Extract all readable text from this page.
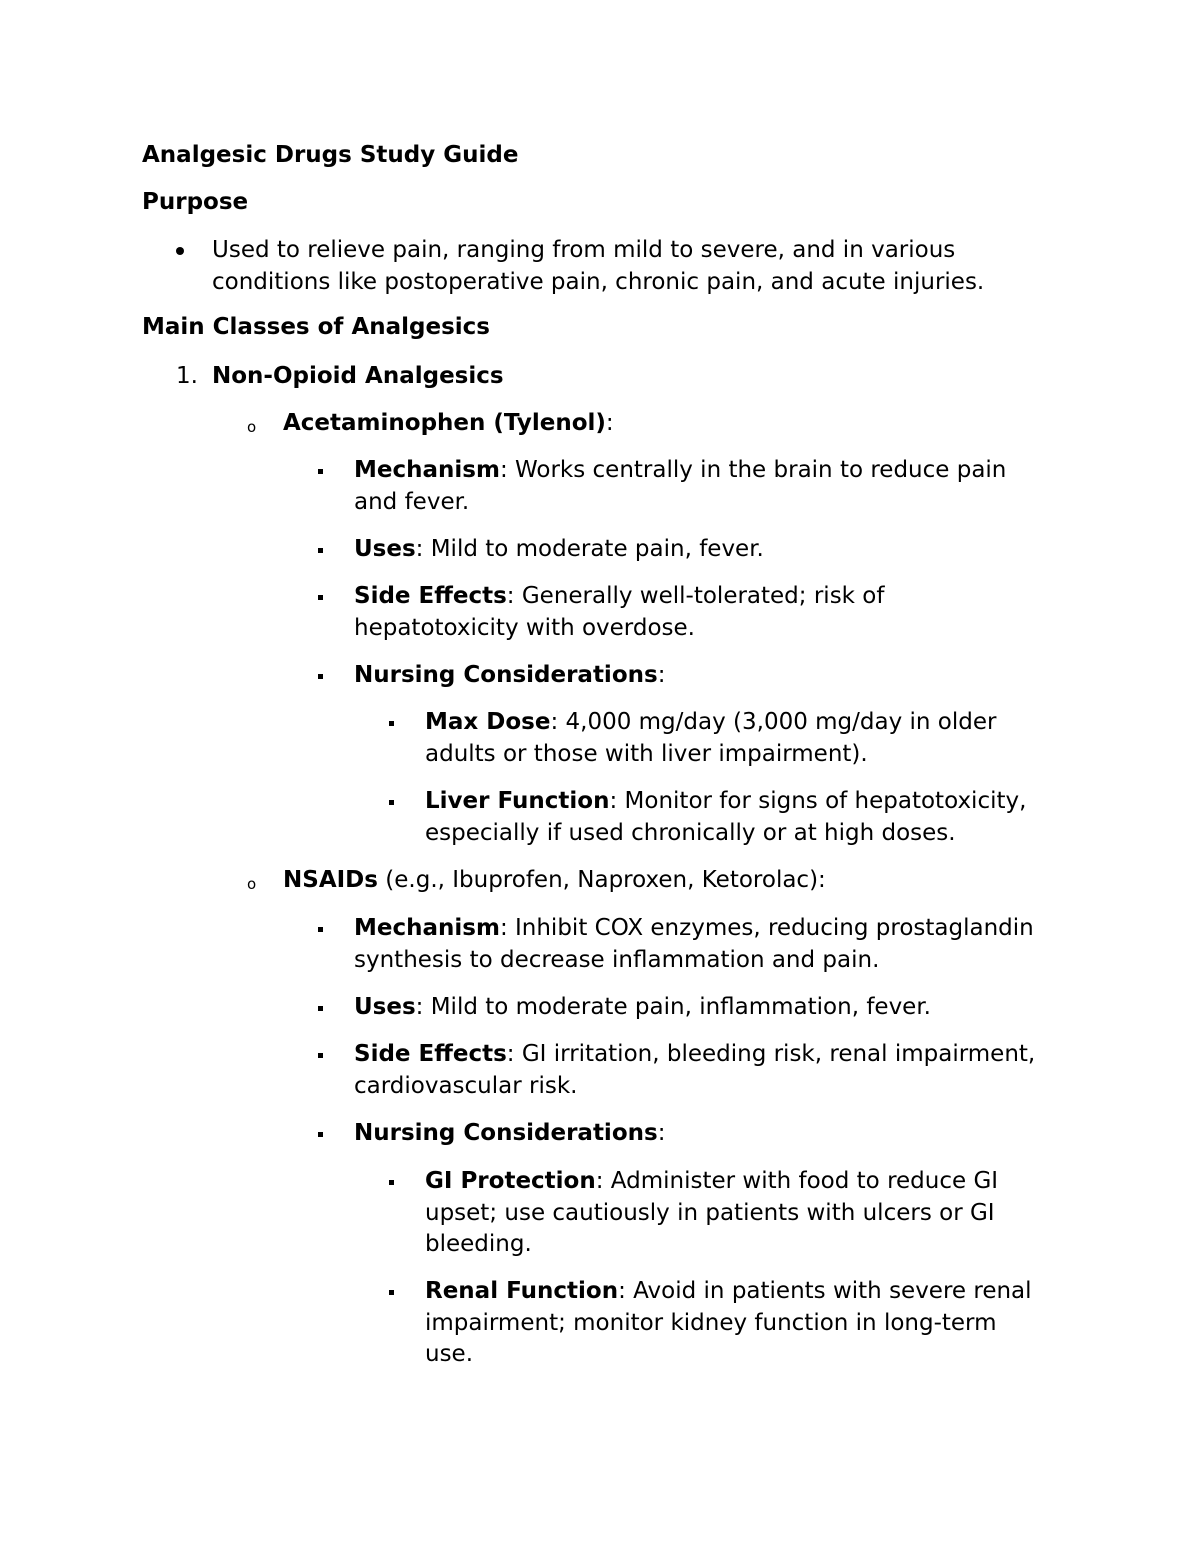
Analgesic Drugs Study Guide
Purpose
Used to relieve pain, ranging from mild to severe, and in various
conditions like postoperative pain, chronic pain, and acute injuries.
Main Classes of Analgesics
1. Non-Opioid Analgesics
o Acetaminophen (Tylenol):
Mechanism: Works centrally in the brain to reduce pain
and fever.
Uses: Mild to moderate pain, fever.
Side Effects: Generally well-tolerated; risk of
hepatotoxicity with overdose.
Nursing Considerations:
Max Dose: 4,000 mg/day (3,000 mg/day in older
adults or those with liver impairment).
Liver Function: Monitor for signs of hepatotoxicity,
especially if used chronically or at high doses.
o NSAIDs (e.g., Ibuprofen, Naproxen, Ketorolac):
Mechanism: Inhibit COX enzymes, reducing prostaglandin
synthesis to decrease inflammation and pain.
Uses: Mild to moderate pain, inflammation, fever.
Side Effects: GI irritation, bleeding risk, renal impairment,
cardiovascular risk.
Nursing Considerations:
GI Protection: Administer with food to reduce GI
upset; use cautiously in patients with ulcers or GI
bleeding.
Renal Function: Avoid in patients with severe renal
impairment; monitor kidney function in long-term
use.
